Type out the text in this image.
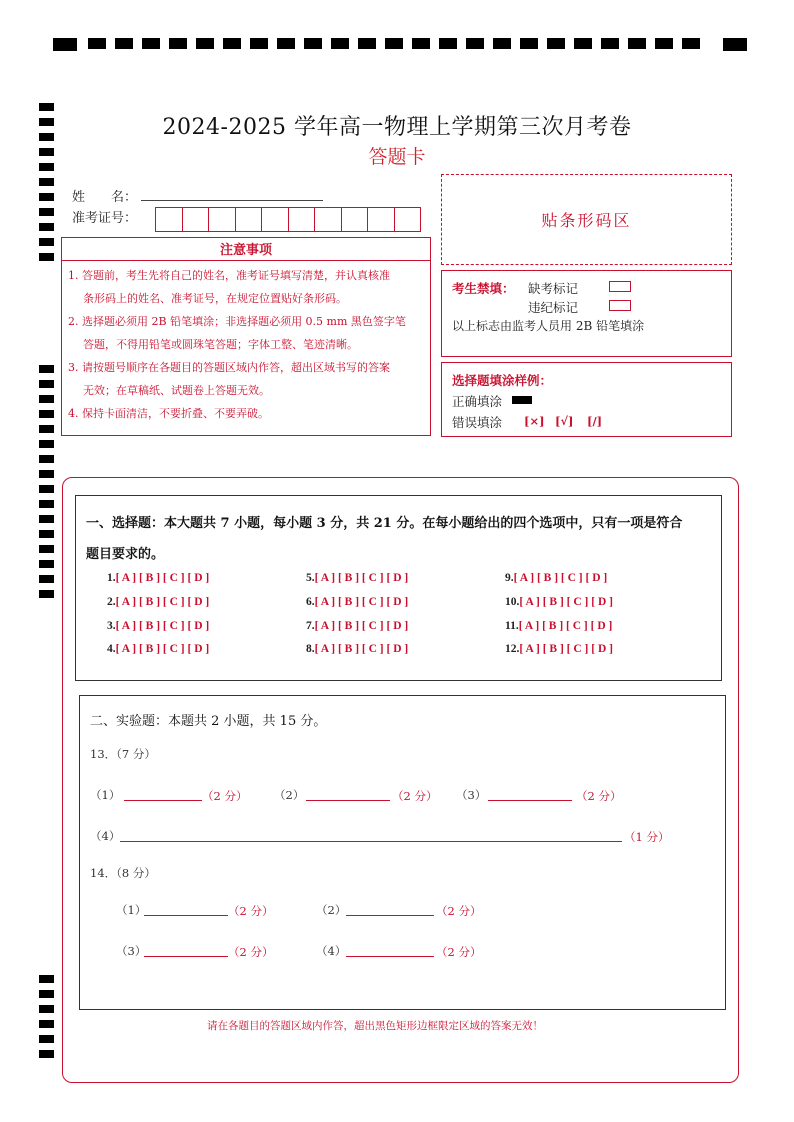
2024-2025 学年高一物理上学期第三次月考卷
答题卡
姓　　名：
准考证号：	贴条形码区
注意事项
1. 答题前，考生先将自己的姓名，准考证号填写清楚，并认真核准
条形码上的姓名、准考证号，在规定位置贴好条形码。
2. 选择题必须用 2B 铅笔填涂；非选择题必须用 0.5 mm 黑色签字笔
答题，不得用铅笔或圆珠笔答题；字体工整、笔迹清晰。
3. 请按题号顺序在各题目的答题区域内作答，超出区域书写的答案
无效；在草稿纸、试题卷上答题无效。
4. 保持卡面清洁，不要折叠、不要弄破。
考生禁填： 缺考标记
违纪标记
以上标志由监考人员用 2B 铅笔填涂
选择题填涂样例：
正确填涂
错误填涂 [×] [√] [/]
一、选择题：本大题共 7 小题，每小题 3 分，共 21 分。在每小题给出的四个选项中，只有一项是符合
题目要求的。
1.[ A ] [ B ] [ C ] [ D ]
2.[ A ] [ B ] [ C ] [ D ]
3.[ A ] [ B ] [ C ] [ D ]
4.[ A ] [ B ] [ C ] [ D ]
5.[ A ] [ B ] [ C ] [ D ]
6.[ A ] [ B ] [ C ] [ D ]
7.[ A ] [ B ] [ C ] [ D ]
8.[ A ] [ B ] [ C ] [ D ]
9.[ A ] [ B ] [ C ] [ D ]
10.[ A ] [ B ] [ C ] [ D ]
11.[ A ] [ B ] [ C ] [ D ]
12.[ A ] [ B ] [ C ] [ D ]
二、实验题：本题共 2 小题，共 15 分。
13．（7 分）
（1）	（2 分） （2）	（2 分） （3）	（2 分）
（4）	（1 分）
14．（8 分）
（1）	（2 分）	（2）	（2 分）
（3）	（2 分）	（4）	（2 分）
请在各题目的答题区域内作答，超出黑色矩形边框限定区域的答案无效！
